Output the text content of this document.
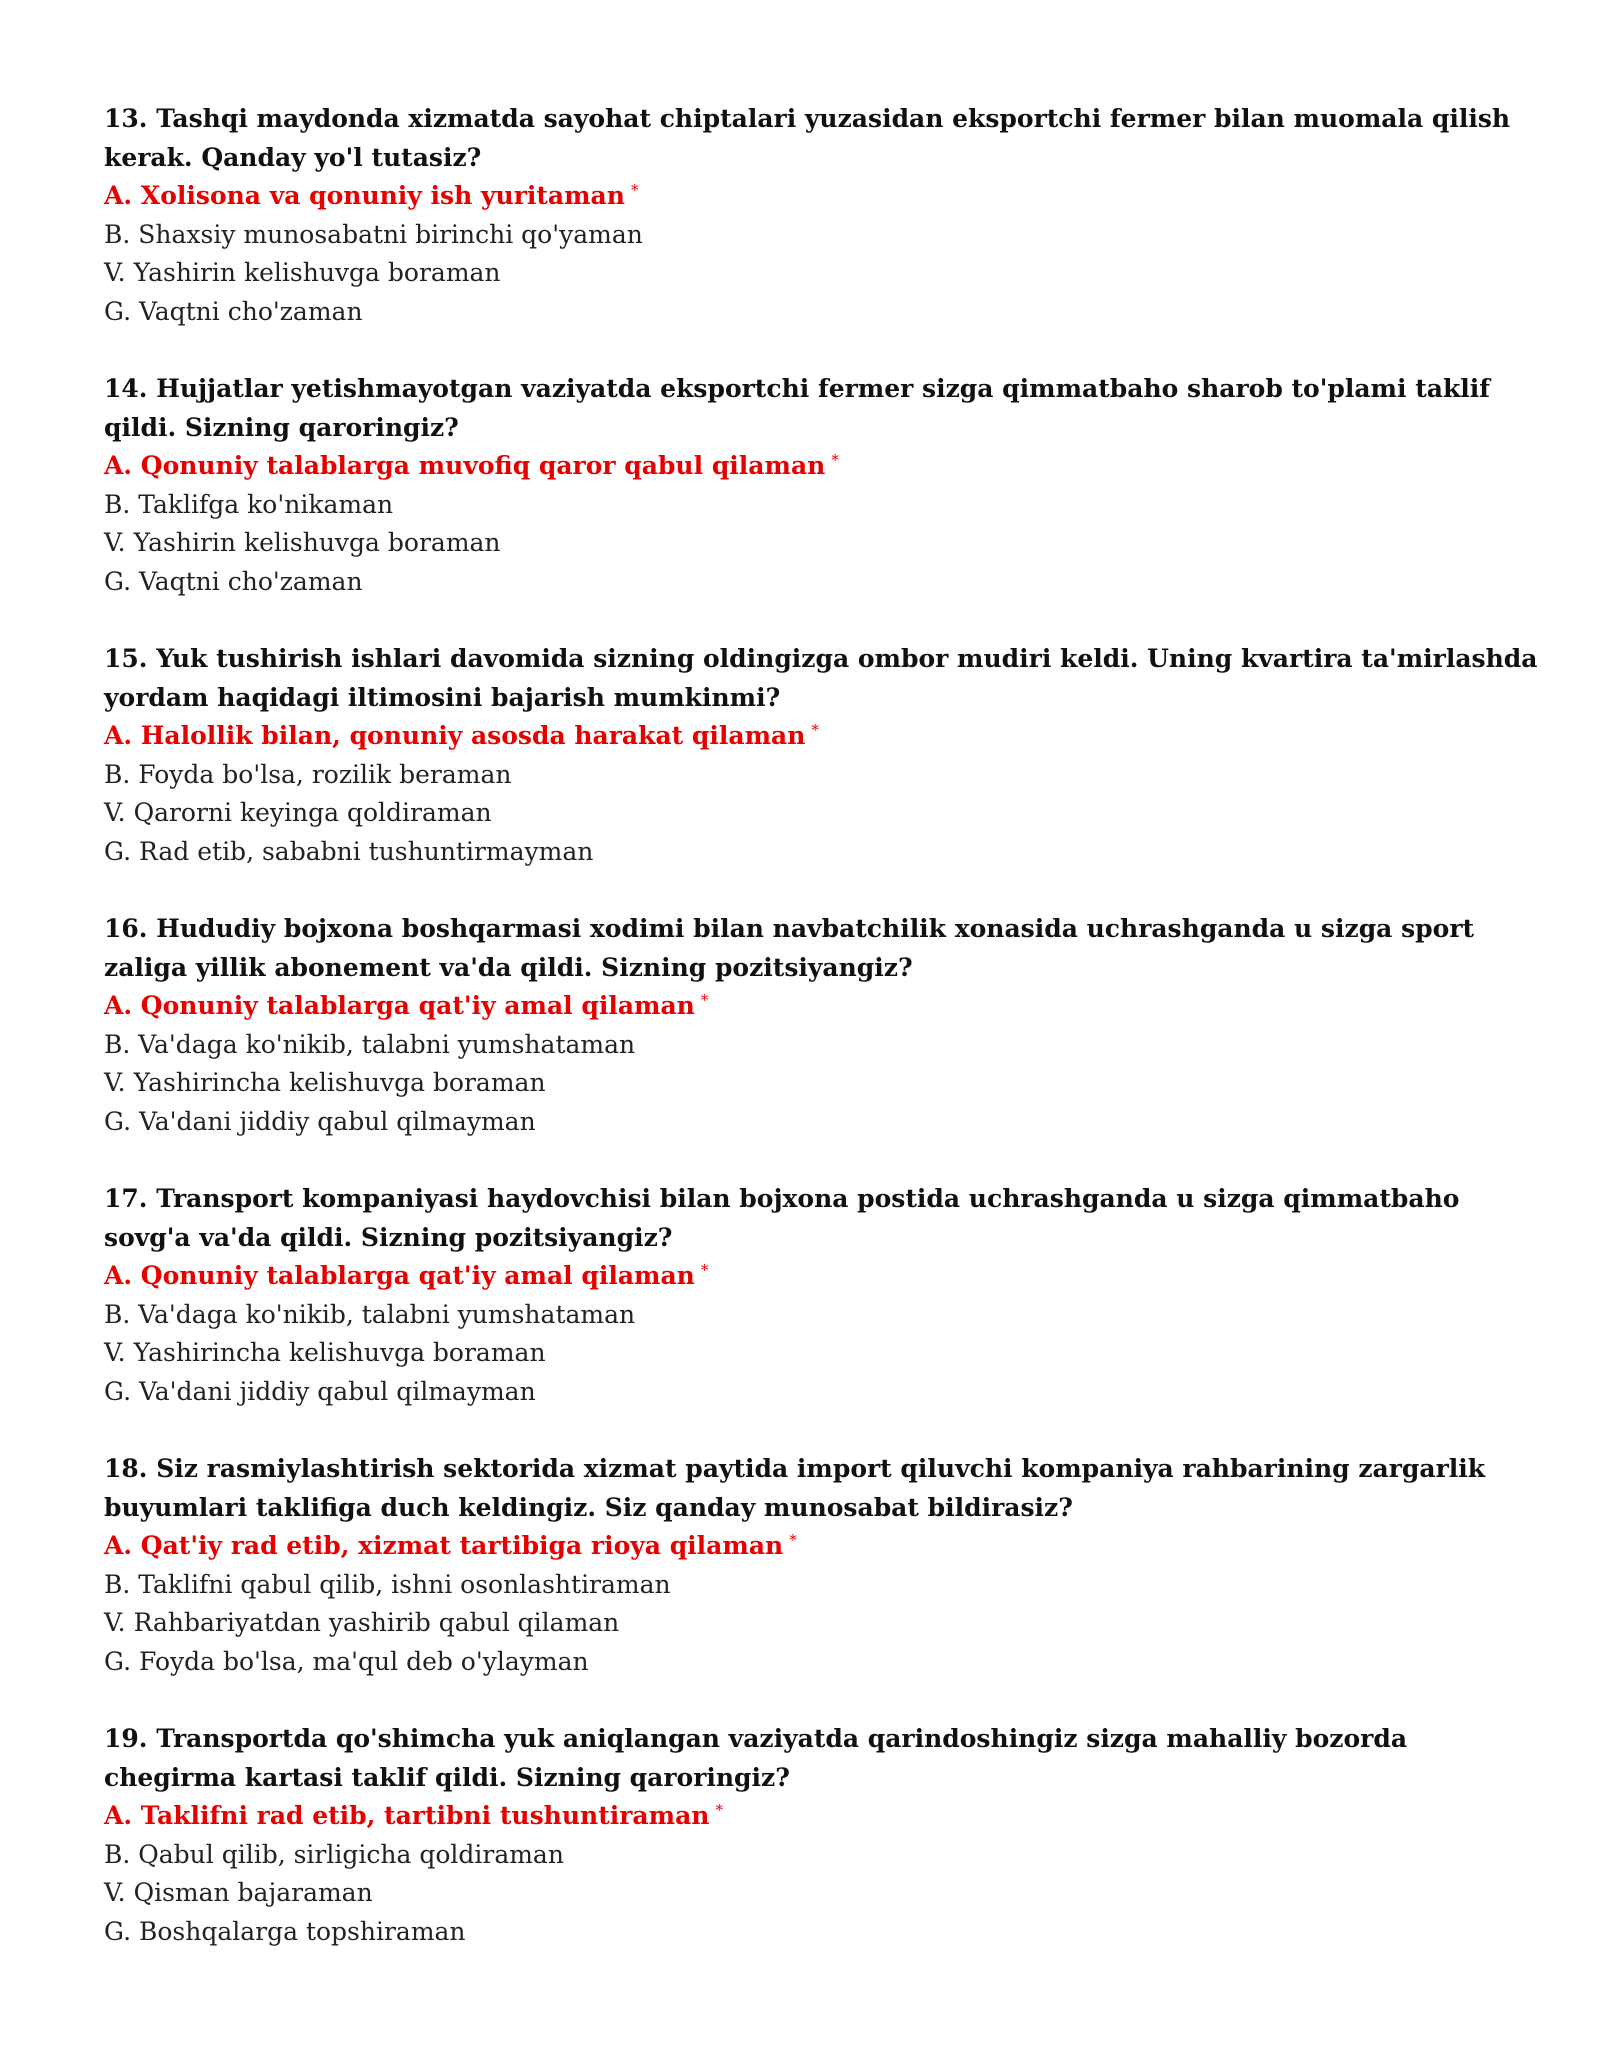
13. Tashqi maydonda xizmatda sayohat chiptalari yuzasidan eksportchi fermer bilan muomala qilish kerak. Qanday yo'l tutasiz?

A. Xolisona va qonuniy ish yuritaman *

B. Shaxsiy munosabatni birinchi qo'yaman

V. Yashirin kelishuvga boraman

G. Vaqtni cho'zaman

14. Hujjatlar yetishmayotgan vaziyatda eksportchi fermer sizga qimmatbaho sharob to'plami taklif qildi. Sizning qaroringiz?

A. Qonuniy talablarga muvofiq qaror qabul qilaman *

B. Taklifga ko'nikaman

V. Yashirin kelishuvga boraman

G. Vaqtni cho'zaman

15. Yuk tushirish ishlari davomida sizning oldingizga ombor mudiri keldi. Uning kvartira ta'mirlashda yordam haqidagi iltimosini bajarish mumkinmi?

A. Halollik bilan, qonuniy asosda harakat qilaman *

B. Foyda bo'lsa, rozilik beraman

V. Qarorni keyinga qoldiraman

G. Rad etib, sababni tushuntirmayman

16. Hududiy bojxona boshqarmasi xodimi bilan navbatchilik xonasida uchrashganda u sizga sport zaliga yillik abonement va'da qildi. Sizning pozitsiyangiz?

A. Qonuniy talablarga qat'iy amal qilaman *

B. Va'daga ko'nikib, talabni yumshataman

V. Yashirincha kelishuvga boraman

G. Va'dani jiddiy qabul qilmayman

17. Transport kompaniyasi haydovchisi bilan bojxona postida uchrashganda u sizga qimmatbaho sovg'a va'da qildi. Sizning pozitsiyangiz?

A. Qonuniy talablarga qat'iy amal qilaman *

B. Va'daga ko'nikib, talabni yumshataman

V. Yashirincha kelishuvga boraman

G. Va'dani jiddiy qabul qilmayman

18. Siz rasmiylashtirish sektorida xizmat paytida import qiluvchi kompaniya rahbarining zargarlik buyumlari taklifiga duch keldingiz. Siz qanday munosabat bildirasiz?

A. Qat'iy rad etib, xizmat tartibiga rioya qilaman *

B. Taklifni qabul qilib, ishni osonlashtiraman

V. Rahbariyatdan yashirib qabul qilaman

G. Foyda bo'lsa, ma'qul deb o'ylayman

19. Transportda qo'shimcha yuk aniqlangan vaziyatda qarindoshingiz sizga mahalliy bozorda chegirma kartasi taklif qildi. Sizning qaroringiz?

A. Taklifni rad etib, tartibni tushuntiraman *

B. Qabul qilib, sirligicha qoldiraman

V. Qisman bajaraman

G. Boshqalarga topshiraman
